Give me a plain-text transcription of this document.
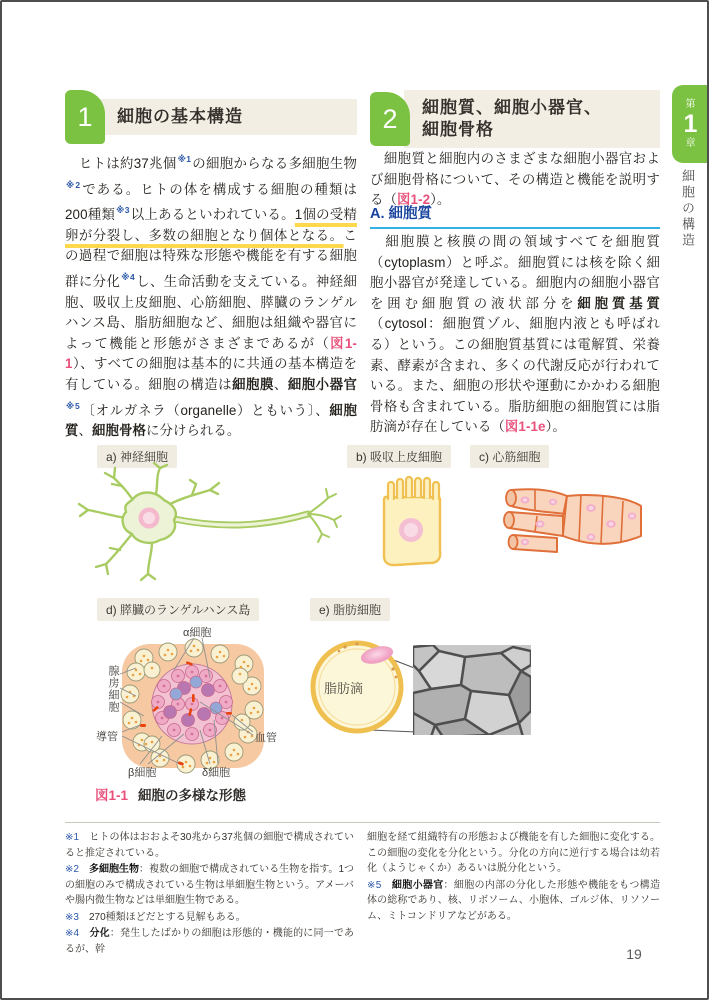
1	細胞の基本構造	2	細胞質、細胞小器官、
細胞骨格
第
1
章
細胞の構造
　ヒトは約37兆個$^{※1}$の細胞からなる多細胞生物$^{※2}$である。ヒトの体を構成する細胞の種類は200種類$^{※3}$以上あるといわれている。1個の受精卵が分裂し、多数の細胞となり個体となる。この過程で細胞は特殊な形態や機能を有する細胞群に分化$^{※4}$し、生命活動を支えている。神経細胞、吸収上皮細胞、心筋細胞、膵臓のランゲルハンス島、脂肪細胞など、細胞は組織や器官によって機能と形態がさまざまであるが（図1-1）、すべての細胞は基本的に共通の基本構造を有している。細胞の構造は細胞膜、細胞小器官$^{※5}$〔オルガネラ（organelle）ともいう〕、細胞質、細胞骨格に分けられる。
　細胞質と細胞内のさまざまな細胞小器官および細胞骨格について、その構造と機能を説明する（図1-2）。
A. 細胞質
　細胞膜と核膜の間の領域すべてを細胞質（cytoplasm）と呼ぶ。細胞質には核を除く細胞小器官が発達している。細胞内の細胞小器官を囲む細胞質の液状部分を細胞質基質（cytosol：細胞質ゾル、細胞内液とも呼ばれる）という。この細胞質基質には電解質、栄養素、酵素が含まれ、多くの代謝反応が行われている。また、細胞の形状や運動にかかわる細胞骨格も含まれている。脂肪細胞の細胞質には脂肪滴が存在している（図1-1e）。
a) 神経細胞	b) 吸収上皮細胞	c) 心筋細胞
d) 膵臓のランゲルハンス島	e) 脂肪細胞
α細胞
腺房細胞
導管	血管
β細胞	δ細胞
脂肪滴
図1-1 細胞の多様な形態
※1　ヒトの体はおおよそ30兆から37兆個の細胞で構成されていると推定されている。
※2　 多細胞生物：複数の細胞で構成されている生物を指す。1つの細胞のみで構成されている生物は単細胞生物という。アメーバや腸内微生物などは単細胞生物である。
※3　270種類ほどだとする見解もある。
※4　 分化：発生したばかりの細胞は形態的・機能的に同一であるが、幹
細胞を経て組織特有の形態および機能を有した細胞に変化する。この細胞の変化を分化という。分化の方向に逆行する場合は幼若化（ようじゃくか）あるいは脱分化という。
※5　 細胞小器官：細胞の内部の分化した形態や機能をもつ構造体の総称であり、核、リボソーム、小胞体、ゴルジ体、リソソーム、ミトコンドリアなどがある。
19
